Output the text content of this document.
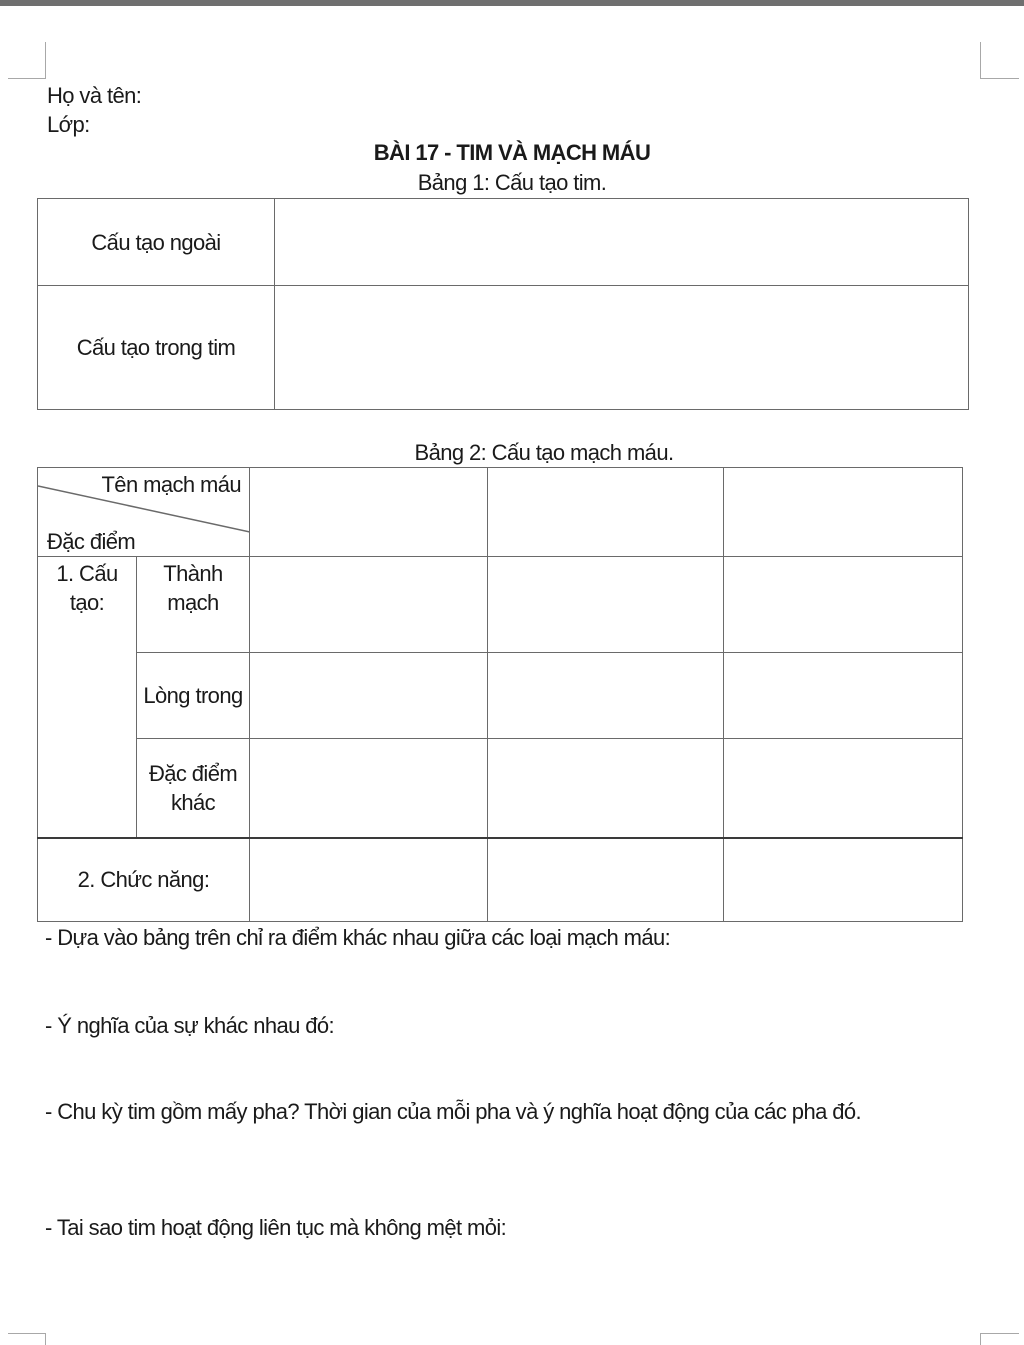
Họ và tên:
Lớp:
BÀI 17 - TIM VÀ MẠCH MÁU
Bảng 1: Cấu tạo tim.
Cấu tạo ngoài	
Cấu tạo trong tim	
Bảng 2: Cấu tạo mạch máu.
Tên mạch máu
Đặc điểm				

1. Cấu tạo:	Thành mạch			
	Lòng trong			
	Đặc điểm khác			
2. Chức năng:				
- Dựa vào bảng trên chỉ ra điểm khác nhau giữa các loại mạch máu:
- Ý nghĩa của sự khác nhau đó:
- Chu kỳ tim gồm mấy pha? Thời gian của mỗi pha và ý nghĩa hoạt động của các pha đó.
- Tai sao tim hoạt động liên tục mà không mệt mỏi:
